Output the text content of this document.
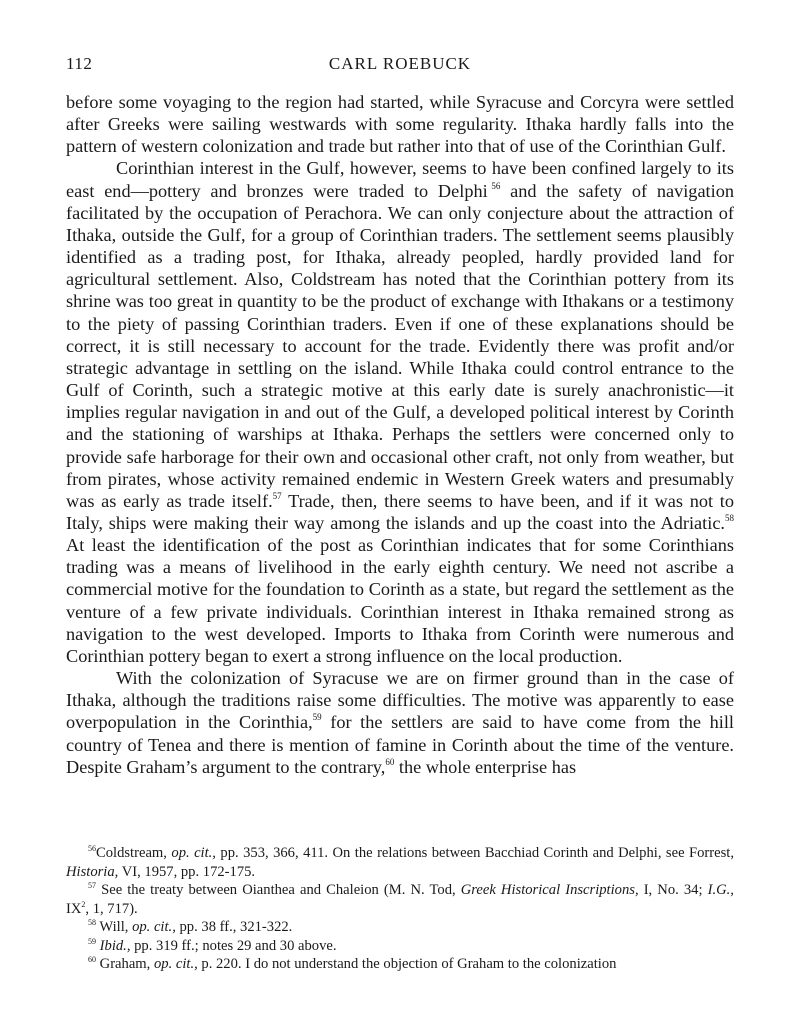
112	CARL ROEBUCK

before some voyaging to the region had started, while Syracuse and Corcyra were settled after Greeks were sailing westwards with some regularity. Ithaka hardly falls into the pattern of western colonization and trade but rather into that of use of the Corinthian Gulf.

Corinthian interest in the Gulf, however, seems to have been confined largely to its east end—pottery and bronzes were traded to Delphi  $^{56}$ and the safety of navigation facilitated by the occupation of Perachora. We can only conjecture about the attraction of Ithaka, outside the Gulf, for a group of Corinthian traders. The settlement seems plausibly identified as a trading post, for Ithaka, already peopled, hardly provided land for agricultural settlement. Also, Coldstream has noted that the Corinthian pottery from its shrine was too great in quantity to be the product of exchange with Ithakans or a testimony to the piety of passing Corinthian traders. Even if one of these explanations should be correct, it is still necessary to account for the trade. Evidently there was profit and/or strategic advantage in settling on the island. While Ithaka could control entrance to the Gulf of Corinth, such a strategic motive at this early date is surely anachronistic—it implies regular navigation in and out of the Gulf, a developed political interest by Corinth and the stationing of warships at Ithaka. Perhaps the settlers were concerned only to provide safe harborage for their own and occasional other craft, not only from weather, but from pirates, whose activity remained endemic in Western Greek waters and presumably was as early as trade itself.$^{57}$ Trade, then, there seems to have been, and if it was not to Italy, ships were making their way among the islands and up the coast into the Adriatic.$^{58}$ At least the identification of the post as Corinthian indicates that for some Corinthians trading was a means of livelihood in the early eighth century. We need not ascribe a commercial motive for the foundation to Corinth as a state, but regard the settlement as the venture of a few private individuals. Corinthian interest in Ithaka remained strong as navigation to the west developed. Imports to Ithaka from Corinth were numerous and Corinthian pottery began to exert a strong influence on the local production.

With the colonization of Syracuse we are on firmer ground than in the case of Ithaka, although the traditions raise some difficulties. The motive was apparently to ease overpopulation in the Corinthia,$^{59}$ for the settlers are said to have come from the hill country of Tenea and there is mention of famine in Corinth about the time of the venture. Despite Graham’s argument to the contrary,$^{60}$ the whole enterprise has

$^{56}$Coldstream, op. cit., pp. 353, 366, 411. On the relations between Bacchiad Corinth and Delphi, see Forrest, Historia, VI, 1957, pp. 172-175.

$^{57}$ See the treaty between Oianthea and Chaleion (M. N. Tod, Greek Historical Inscriptions, I, No. 34; I.G., IX$^2$, 1, 717).

$^{58}$ Will, op. cit., pp. 38 ff., 321-322.

$^{59}$ Ibid., pp. 319 ff.; notes 29 and 30 above.

$^{60}$ Graham, op. cit., p. 220. I do not understand the objection of Graham to the colonization
